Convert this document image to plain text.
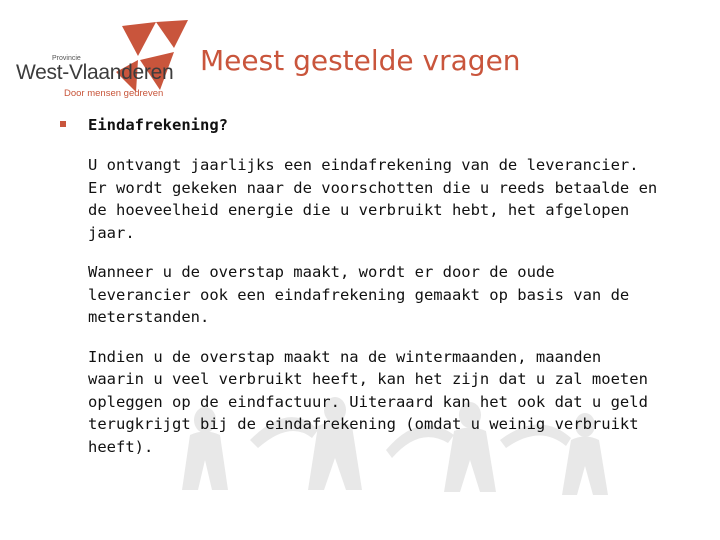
Provincie
West-Vlaanderen
Door mensen gedreven
Meest gestelde vragen
Eindafrekening?

U ontvangt jaarlijks een eindafrekening van de leverancier. Er wordt gekeken naar de voorschotten die u reeds betaalde en de hoeveelheid energie die u verbruikt hebt, het afgelopen jaar.

Wanneer u de overstap maakt, wordt er door de oude leverancier ook een eindafrekening gemaakt op basis van de meterstanden.

Indien u de overstap maakt na de wintermaanden, maanden waarin u veel verbruikt heeft, kan het zijn dat u zal moeten opleggen op de eindfactuur. Uiteraard kan het ook dat u geld terugkrijgt bij de eindafrekening (omdat u weinig verbruikt heeft).
